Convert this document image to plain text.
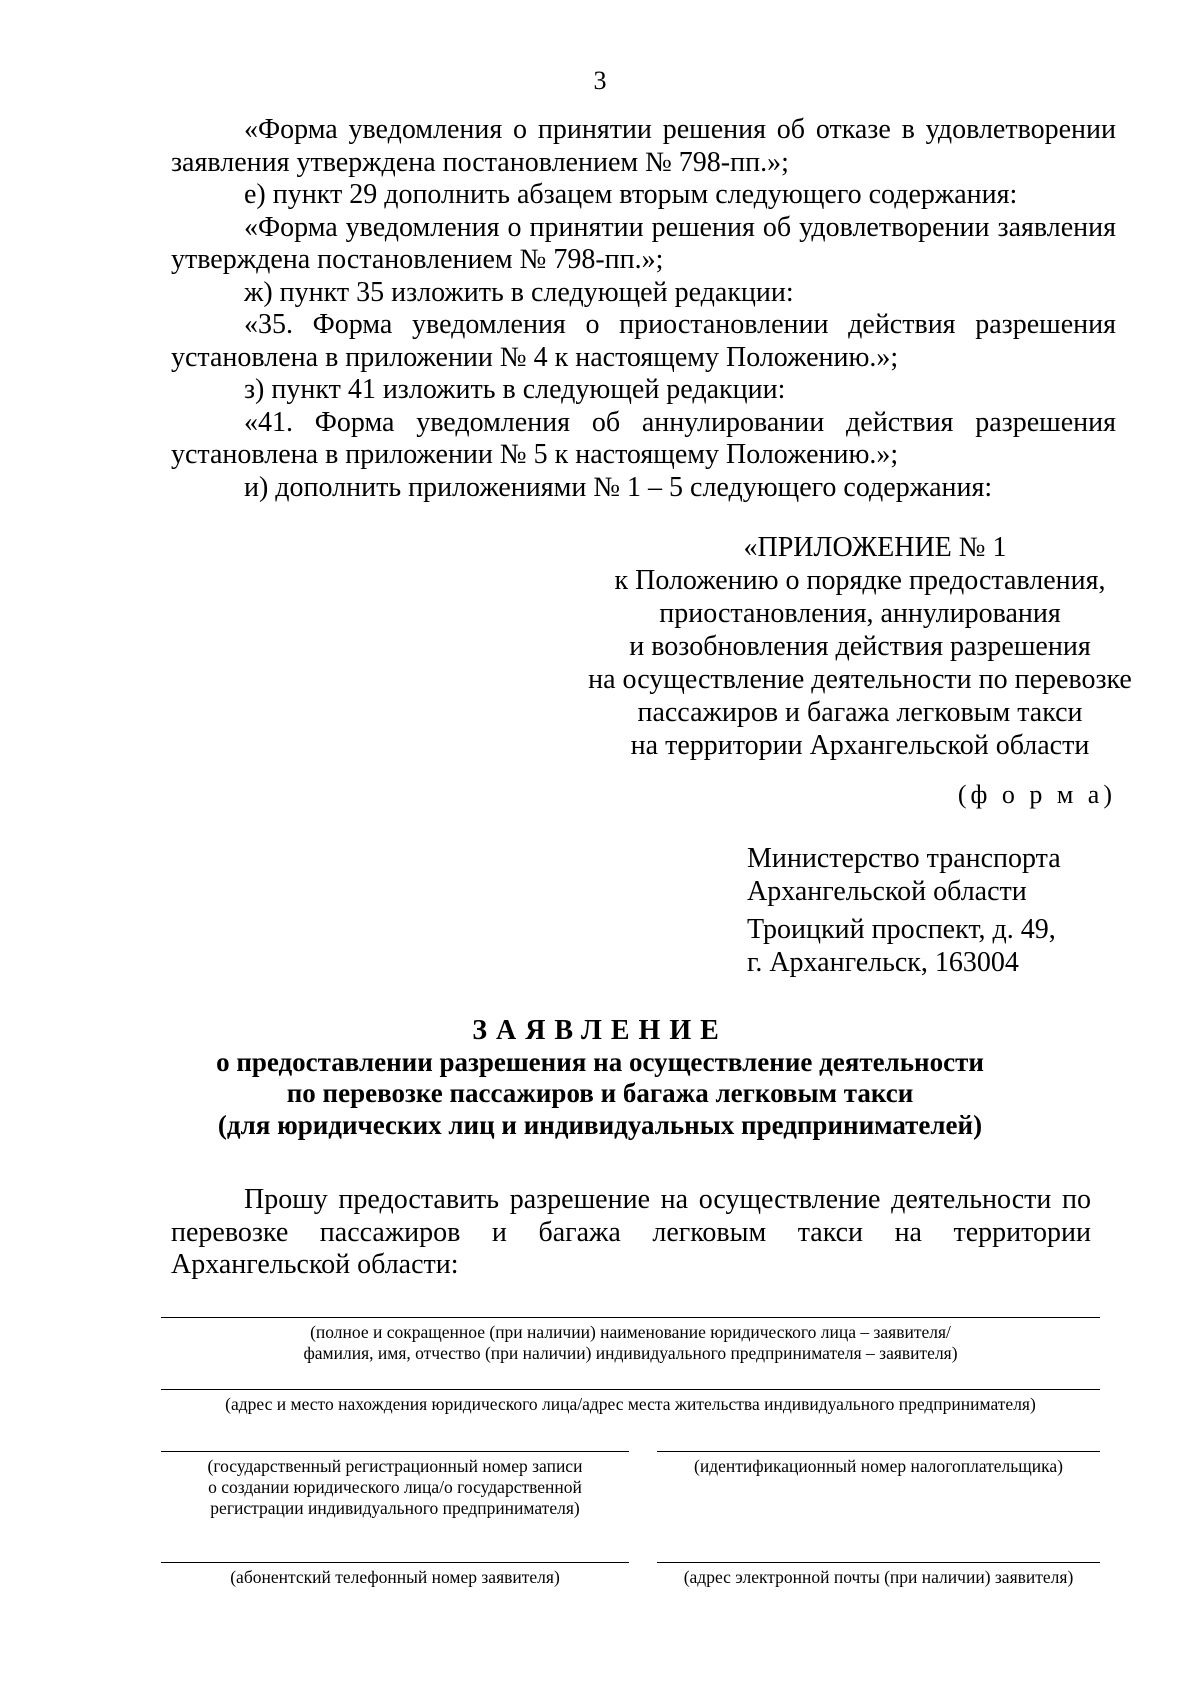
3

«Форма уведомления о принятии решения об отказе в удовлетворении заявления утверждена постановлением № 798-пп.»;

е) пункт 29 дополнить абзацем вторым следующего содержания:

«Форма уведомления о принятии решения об удовлетворении заявления утверждена постановлением № 798-пп.»;

ж) пункт 35 изложить в следующей редакции:

«35. Форма уведомления о приостановлении действия разрешения установлена в приложении № 4 к настоящему Положению.»;

з) пункт 41 изложить в следующей редакции:

«41. Форма уведомления об аннулировании действия разрешения установлена в приложении № 5 к настоящему Положению.»;

и) дополнить приложениями № 1 – 5 следующего содержания:

«ПРИЛОЖЕНИЕ № 1
к Положению о порядке предоставления,
приостановления, аннулирования
и возобновления действия разрешения
на осуществление деятельности по перевозке
пассажиров и багажа легковым такси
на территории Архангельской области
(ф о р м а)
Министерство транспорта
Архангельской области
Троицкий проспект, д. 49,
г. Архангельск, 163004
ЗАЯВЛЕНИЕ
о предоставлении разрешения на осуществление деятельности
по перевозке пассажиров и багажа легковым такси
(для юридических лиц и индивидуальных предпринимателей)

Прошу предоставить разрешение на осуществление деятельности по перевозке пассажиров и багажа легковым такси на территории Архангельской области:

(полное и сокращенное (при наличии) наименование юридического лица – заявителя/
фамилия, имя, отчество (при наличии) индивидуального предпринимателя – заявителя)
(адрес и место нахождения юридического лица/адрес места жительства индивидуального предпринимателя)
(государственный регистрационный номер записи
о создании юридического лица/о государственной
регистрации индивидуального предпринимателя)
(идентификационный номер налогоплательщика)
(абонентский телефонный номер заявителя)	(адрес электронной почты (при наличии) заявителя)
